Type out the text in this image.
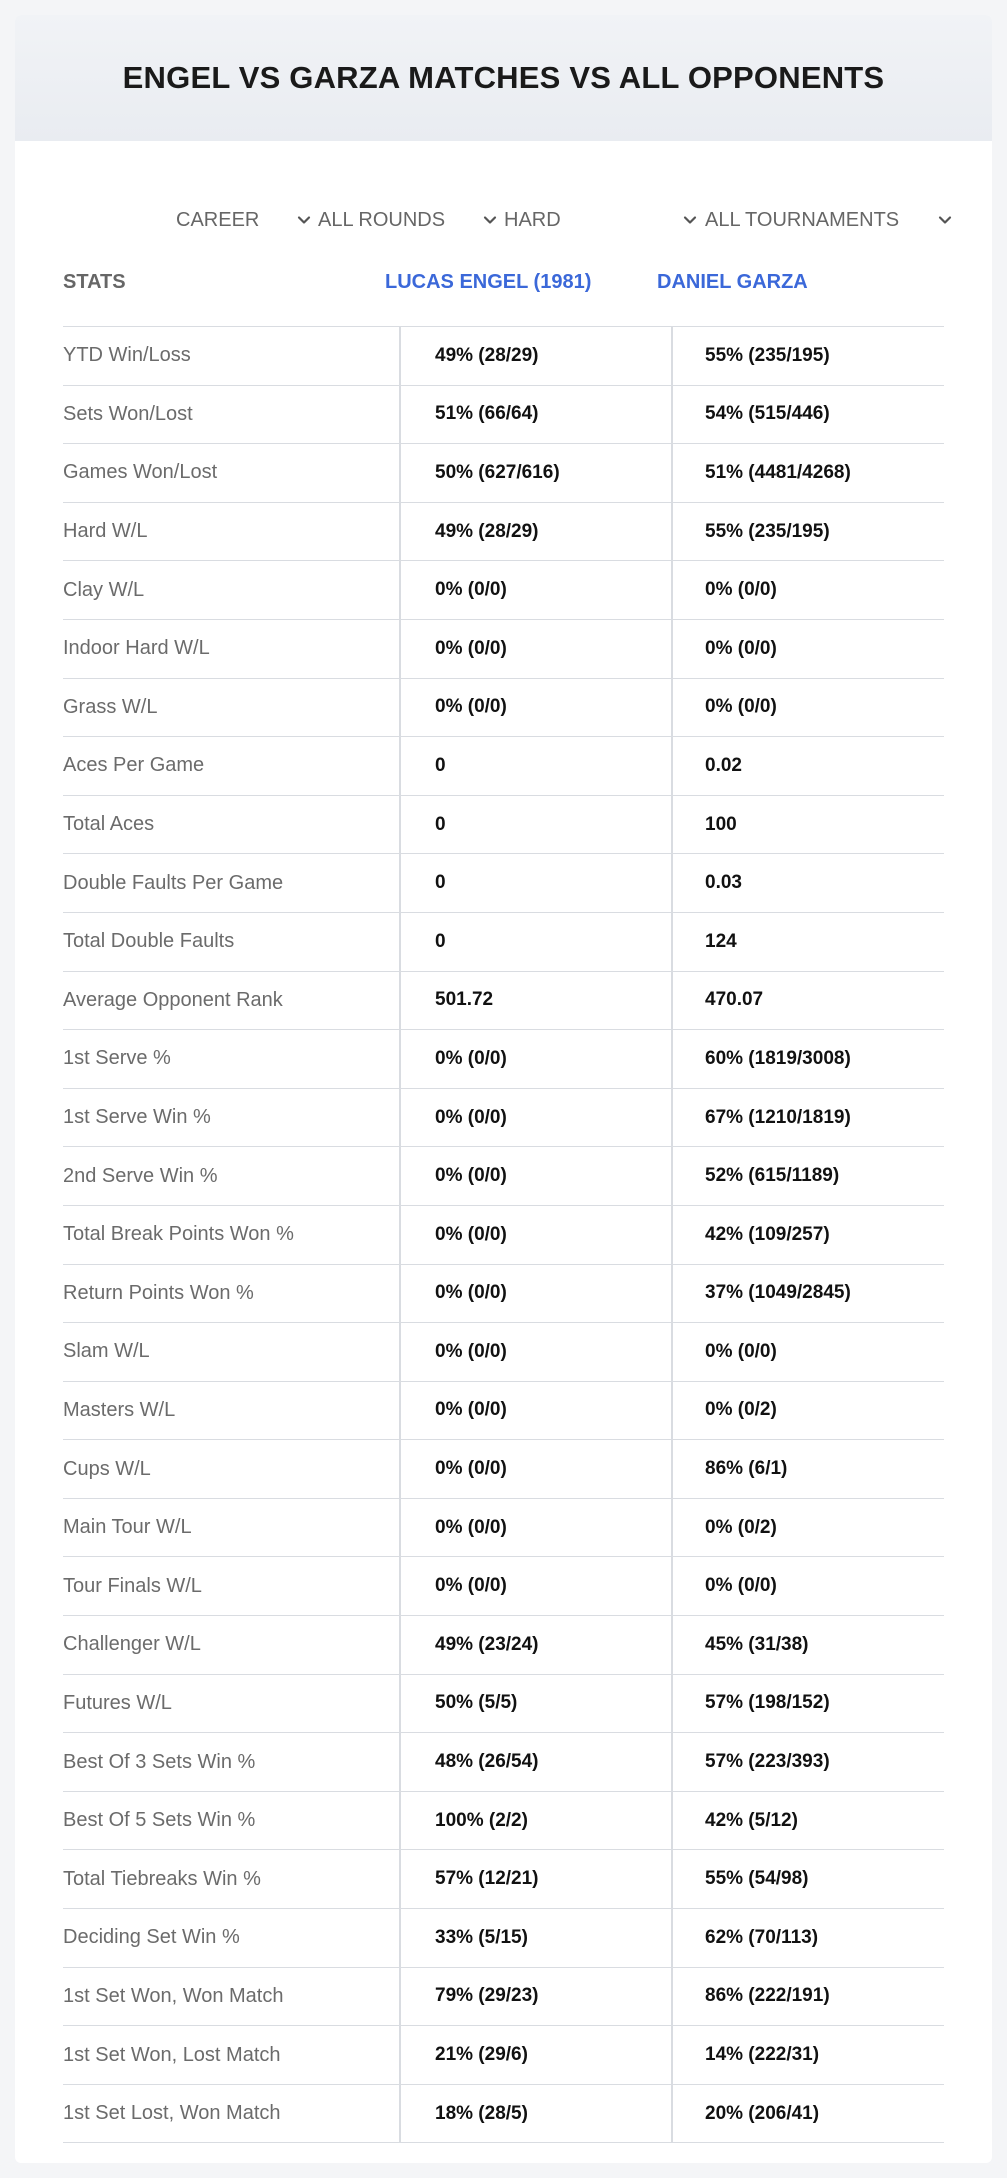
ENGEL VS GARZA MATCHES VS ALL OPPONENTS
CAREER	ALL ROUNDS	HARD	ALL TOURNAMENTS
STATS	LUCAS ENGEL (1981)	DANIEL GARZA
YTD Win/Loss	49% (28/29)	55% (235/195)
Sets Won/Lost	51% (66/64)	54% (515/446)
Games Won/Lost	50% (627/616)	51% (4481/4268)
Hard W/L	49% (28/29)	55% (235/195)
Clay W/L	0% (0/0)	0% (0/0)
Indoor Hard W/L	0% (0/0)	0% (0/0)
Grass W/L	0% (0/0)	0% (0/0)
Aces Per Game	0	0.02
Total Aces	0	100
Double Faults Per Game	0	0.03
Total Double Faults	0	124
Average Opponent Rank	501.72	470.07
1st Serve %	0% (0/0)	60% (1819/3008)
1st Serve Win %	0% (0/0)	67% (1210/1819)
2nd Serve Win %	0% (0/0)	52% (615/1189)
Total Break Points Won %	0% (0/0)	42% (109/257)
Return Points Won %	0% (0/0)	37% (1049/2845)
Slam W/L	0% (0/0)	0% (0/0)
Masters W/L	0% (0/0)	0% (0/2)
Cups W/L	0% (0/0)	86% (6/1)
Main Tour W/L	0% (0/0)	0% (0/2)
Tour Finals W/L	0% (0/0)	0% (0/0)
Challenger W/L	49% (23/24)	45% (31/38)
Futures W/L	50% (5/5)	57% (198/152)
Best Of 3 Sets Win %	48% (26/54)	57% (223/393)
Best Of 5 Sets Win %	100% (2/2)	42% (5/12)
Total Tiebreaks Win %	57% (12/21)	55% (54/98)
Deciding Set Win %	33% (5/15)	62% (70/113)
1st Set Won, Won Match	79% (29/23)	86% (222/191)
1st Set Won, Lost Match	21% (29/6)	14% (222/31)
1st Set Lost, Won Match	18% (28/5)	20% (206/41)
